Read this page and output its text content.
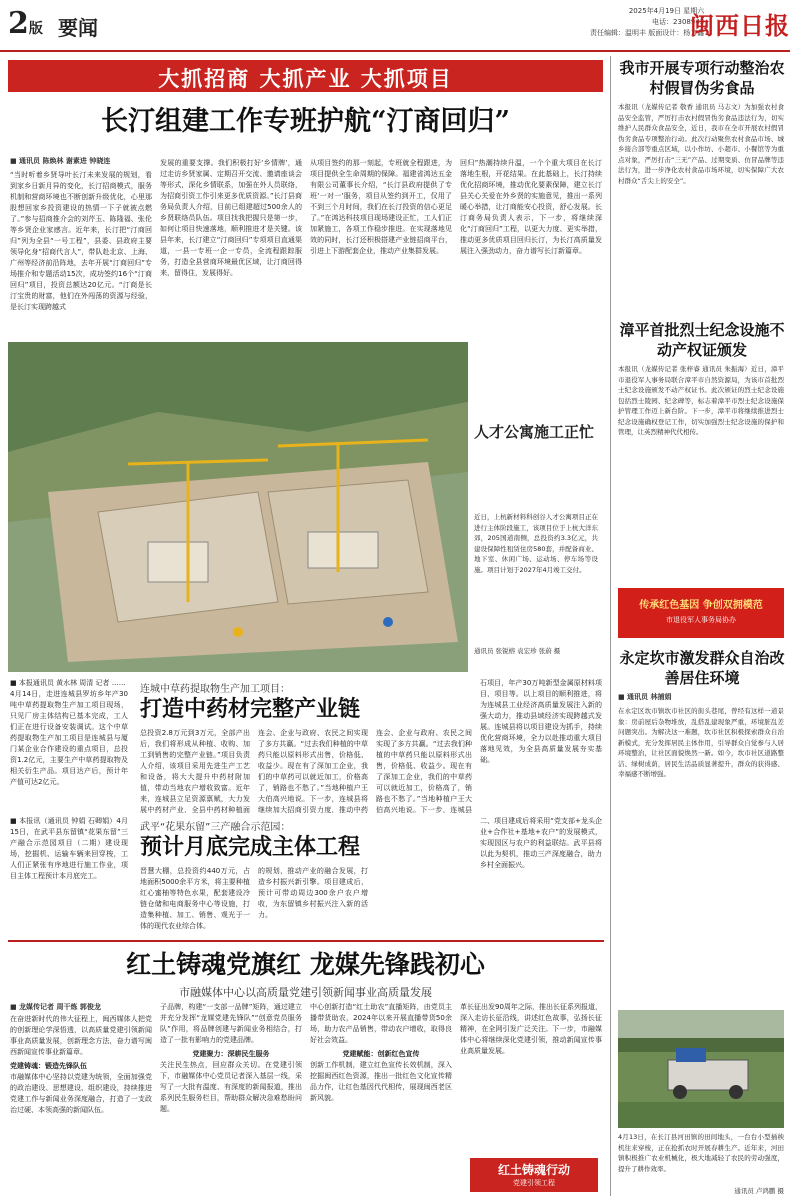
2版 要闻
2025年4月19日 星期六
电话：2308943
责任编辑：温明丰 版面设计：杨万鑫
闽西日报
大抓招商 大抓产业 大抓项目
长汀组建工作专班护航“汀商回归”
■ 通讯员 陈焕林 谢素进 钟晓连
“当时听着乡贤导叶长汀未来发展的规划，看到家乡日新月异的变化，长汀招商模式，服务机制和营商环境也不断创新升级优化，心里那股想回家乡投资建设的热情一下子就被点燃了。”参与招商推介会的刘芹玉、陈隆福、张伦等乡贤企业家感言。近年来，长汀把“汀商回归”列为全县“一号工程”，县委、县政府主要领导化身“招商代言人”，带队赴北京、上海、广州等经济前沿阵地，去年开展“汀商回归”专场推介和专题活动15次，成功签约16个“汀商回归”项目，投资总额达20亿元。“汀商是长汀宝贵的财富，他们在外闯荡的资源与经验，是长汀实现跨越式
发展的重要支撑。我们积极打好‘乡情牌’，通过走访乡贤家属、定期召开交流、邀请座谈会等形式，深化乡情联系，加强在外人员联络，为招商引资工作引来更多优质资源。”长汀县商务局负责人介绍，目前已组建超过500余人的乡贤联络员队伍。项目找我把握只是第一步，如何让项目快速落地，顺利推进才是关键。该县年来，长汀建立“汀商回归”专项项目直通渠道，一县一专班一企一专员，全流程跟踪服务，打造全县营商环境最优区域，让汀商回得来，留得住，发展得好。
从项目签约的那一刻起，专班就全程跟进，为项目提供全生命周期的保障。福建省鸿达五金有限公司董事长介绍，“长汀县政府提供了专班‘一对一’服务，项目从签约到开工，仅用了不到三个月时间，我们在长汀投资的信心更足了。”在鸿达科技项目现场建设正忙，工人们正加紧施工，各项工作稳步推进。在实现落地见效的同时，长汀还积极搭建产业链招商平台，引进上下游配套企业，推动产业集群发展。
回归”热潮持续升温，一个个重大项目在长汀落地生根，开花结果。在此基础上，长汀持续优化招商环境，推动优化要素保障，建立长汀县关心关爱在外乡贤的实施意见，推出一系列暖心举措，让汀商能安心投资，舒心发展。长汀商务局负责人表示，下一步，将继续深化“汀商回归”工程，以更大力度、更实举措，推动更多优质项目回归长汀，为长汀高质量发展注入强劲动力，奋力谱写长汀新篇章。
人才公寓施工正忙
近日，上杭新材料科创谷人才公寓项目正在进行主体阶段施工，该项目位于上杭大洋东郊，205国道南侧，总投资约3.3亿元，共建设保障性租赁住房580套，并配备商业、地下室、休闲广场、运动场、停车场等设施。项目计划于2027年4月竣工交付。
通讯员 张锐榕 袁宏珍 张蔚 摄
■ 本报通讯员 黄水林 周清 记者 ……
4月14日，走进连城县罗坊乡年产30吨中草药提取物生产加工项目现场，只见厂房主体结构已基本完成，工人们正在进行设备安装调试。这个中草药提取物生产加工项目是连城县与厦门某企业合作建设的重点项目，总投资1.2亿元，主要生产中草药提取物及相关衍生产品。项目达产后，预计年产值可达2亿元。
连城中草药提取物生产加工项目：
打造中药材完整产业链
总投资2.8万元到3万元，全部产出后，我们将形成从种植、收购、加工到销售的完整产业链。”项目负责人介绍，该项目采用先进生产工艺和设备，将大大提升中药材附加值，带动当地农户增收致富。近年来，连城县立足资源禀赋，大力发展中药材产业，全县中药材种植面
连会、企业与政府、农民之间实现了多方共赢。“过去我们种植的中草药只能以原料形式出售，价格低、收益少。现在有了深加工企业，我们的中草药可以就近加工，价格高了，销路也不愁了。”当地种植户王大伯高兴地说。下一步，连城县将继续加大招商引资力度，推动中药
石项目，年产30万吨新型金属原材料项目，项目等。以上项目的顺利推进，将为连城县工业经济高质量发展注入新的强大动力，推动县域经济实现跨越式发展。连城县将以项目建设为抓手，持续优化营商环境，全力以赴推动重大项目落地见效，为全县高质量发展夯实基础。
连会、企业与政府、农民之间实现了多方共赢。“过去我们种植的中草药只能以原料形式出售，价格低、收益少。现在有了深加工企业，我们的中草药可以就近加工，价格高了，销路也不愁了。”当地种植户王大伯高兴地说。下一步，连城县
■ 本报讯（通讯员 钟娟 石卿娟）4月15日，在武平县东留镇“花果东留”三产融合示范园项目（二期）建设现场，挖掘机、运输车辆来回穿梭，工人们正紧张有序地进行施工作业，项目主体工程预计本月底完工。
武平“花果东留”三产融合示范园：
预计月底完成主体工程
晋慧大棚，总投资约440万元，占地面积5000余平方米，将主要种植红心蜜柚等特色水果，配套建设冷链仓储和电商服务中心等设施，打造集种植、加工、销售、观光于一体的现代农业综合体。
的规划，推动产业的融合发展，打造乡村振兴新引擎。项目建成后，预计可带动周边300余户农户增收，为东留镇乡村振兴注入新的活力。
二、项目建成后将采用“党支部+龙头企业+合作社+基地+农户”的发展模式，实现园区与农户的利益联结。武平县将以此为契机，推动三产深度融合，助力乡村全面振兴。
红土铸魂党旗红 龙媒先锋践初心
市融媒体中心以高质量党建引领新闻事业高质量发展
■ 龙媒传记者 周干炼 郭俊龙
在奋进新时代的伟大征程上，闽西媒体人把党的创新理论学深悟透，以高质量党建引领新闻事业高质量发展，创新理念方法，奋力谱写闽西新闻宣传事业新篇章。
党建铸魂：锻造先锋队伍
市融媒体中心坚持以党建为统领，全面加强党的政治建设、思想建设、组织建设，持续推进党建工作与新闻业务深度融合，打造了一支政治过硬、本领高强的新闻队伍。
子品牌，构建“一支部一品牌”矩阵，通过建立并充分发挥“龙媒党建先锋队”“创意党员服务队”作用，将品牌创建与新闻业务相结合，打造了一批有影响力的党建品牌。
党建聚力：深耕民生服务
关注民生热点，回应群众关切。在党建引领下，市融媒体中心党员记者深入基层一线，采写了一大批有温度、有深度的新闻报道，推出系列民生服务栏目，帮助群众解决急难愁盼问题。
中心创新打造“红土助农”直播矩阵，由党员主播带货助农，2024年以来开展直播带货50余场，助力农产品销售，带动农户增收，取得良好社会效益。
党建赋能：创新红色宣传
创新工作机制，建立红色宣传长效机制，深入挖掘闽西红色资源，推出一批红色文化宣传精品力作，让红色基因代代相传，展现闽西老区新风貌。
革长征出发90周年之际，推出长征系列报道，深入走访长征沿线，讲述红色故事，弘扬长征精神，在全网引发广泛关注。下一步，市融媒体中心将继续深化党建引领，推动新闻宣传事业高质量发展。
红土铸魂行动
党建引领工程
我市开展专项行动整治农村假冒伪劣食品
本报讯（龙媒传记者 敬香 通讯员 马志文）为加强农村食品安全监管，严厉打击农村假冒伪劣食品违法行为，切实维护人民群众食品安全，近日，我市在全市开展农村假冒伪劣食品专项整治行动。此次行动聚焦农村食品市场、城乡接合部等重点区域，以小作坊、小超市、小餐馆等为重点对象，严厉打击“三无”产品、过期变质、仿冒品牌等违法行为，进一步净化农村食品市场环境，切实保障广大农村群众“舌尖上的安全”。
漳平首批烈士纪念设施不动产权证颁发
本报讯（龙媒传记者 张梓睿 通讯员 朱振海）近日，漳平市退役军人事务局联合漳平市自然资源局，为该市首批烈士纪念设施颁发不动产权证书。此次颁证的烈士纪念设施包括烈士陵园、纪念碑等，标志着漳平市烈士纪念设施保护管理工作迈上新台阶。下一步，漳平市将继续推进烈士纪念设施确权登记工作，切实加强烈士纪念设施的保护和管理，让英烈精神代代相传。
传承红色基因 争创双拥模范
市退役军人事务局协办
永定坎市激发群众自治改善居住环境
■ 通讯员 林捕娟
在永定区坎市镇坎市社区的街头巷尾，曾经有这样一道景象：房前屋后杂物堆放，乱搭乱建现象严重，环境脏乱差问题突出。为解决这一难题，坎市社区积极探索群众自治新模式，充分发挥居民主体作用，引导群众自觉参与人居环境整治，让社区面貌焕然一新。如今，坎市社区道路整洁、绿树成荫，居民生活品质显著提升，群众的获得感、幸福感不断增强。
4月13日，在长汀县河田镇的田间地头，一台台小型插秧机往来穿梭，正在抢抓农时开展春耕生产。近年来，河田镇积极推广农业机械化，极大地减轻了农民的劳动强度，提升了耕作效率。
通讯员 卢鸿鹏 摄
